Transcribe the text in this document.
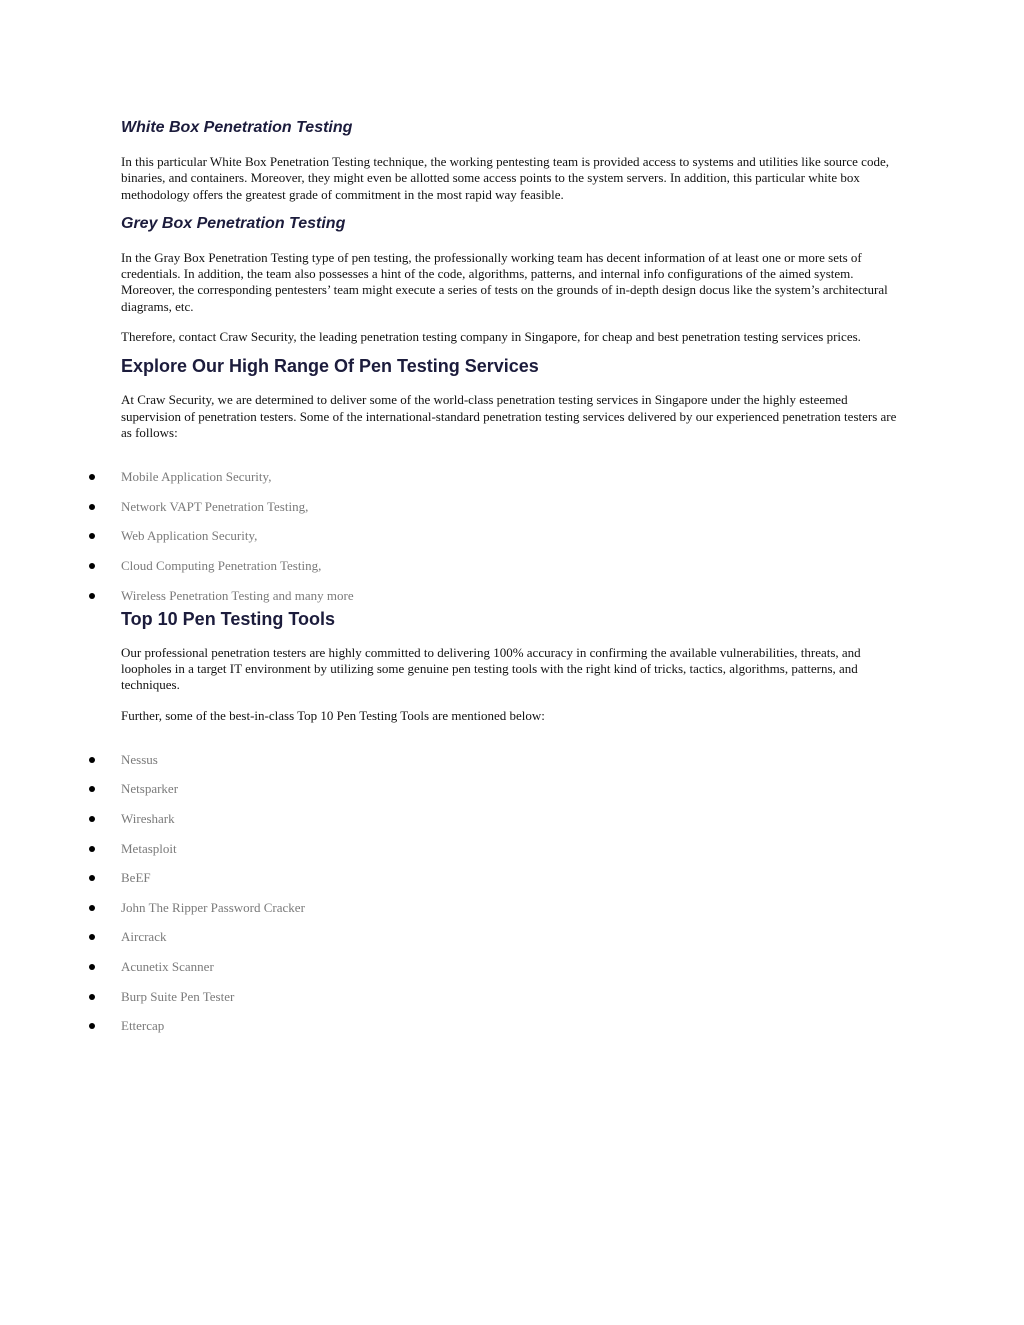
White Box Penetration Testing

In this particular White Box Penetration Testing technique, the working pentesting team is provided access to systems and utilities like source code, binaries, and containers. Moreover, they might even be allotted some access points to the system servers. In addition, this particular white box methodology offers the greatest grade of commitment in the most rapid way feasible.

Grey Box Penetration Testing

In the Gray Box Penetration Testing type of pen testing, the professionally working team has decent information of at least one or more sets of credentials. In addition, the team also possesses a hint of the code, algorithms, patterns, and internal info configurations of the aimed system. Moreover, the corresponding pentesters’ team might execute a series of tests on the grounds of in-depth design docus like the system’s architectural diagrams, etc.

Therefore, contact Craw Security, the leading penetration testing company in Singapore, for cheap and best penetration testing services prices.

Explore Our High Range Of Pen Testing Services

At Craw Security, we are determined to deliver some of the world-class penetration testing services in Singapore under the highly esteemed supervision of penetration testers. Some of the international-standard penetration testing services delivered by our experienced penetration testers are as follows:

Mobile Application Security,
Network VAPT Penetration Testing,
Web Application Security,
Cloud Computing Penetration Testing,
Wireless Penetration Testing and many more
Top 10 Pen Testing Tools

Our professional penetration testers are highly committed to delivering 100% accuracy in confirming the available vulnerabilities, threats, and loopholes in a target IT environment by utilizing some genuine pen testing tools with the right kind of tricks, tactics, algorithms, patterns, and techniques.

Further, some of the best-in-class Top 10 Pen Testing Tools are mentioned below:

Nessus
Netsparker
Wireshark
Metasploit
BeEF
John The Ripper Password Cracker
Aircrack
Acunetix Scanner
Burp Suite Pen Tester
Ettercap
